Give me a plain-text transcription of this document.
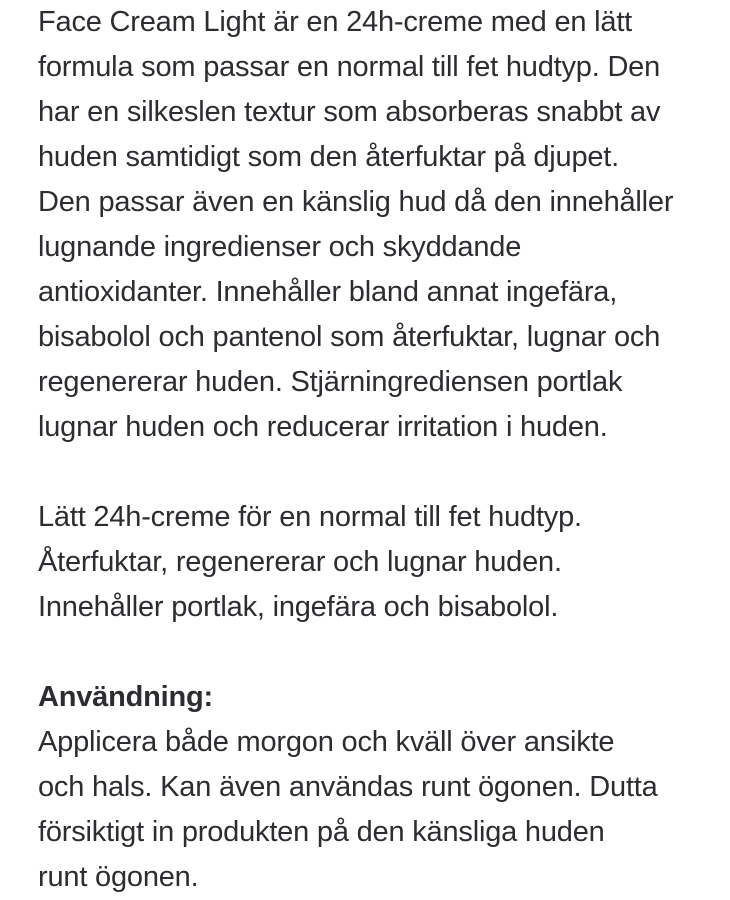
Face Cream Light är en 24h-creme med en lätt
formula som passar en normal till fet hudtyp. Den
har en silkeslen textur som absorberas snabbt av
huden samtidigt som den återfuktar på djupet.
Den passar även en känslig hud då den innehåller
lugnande ingredienser och skyddande
antioxidanter. Innehåller bland annat ingefära,
bisabolol och pantenol som återfuktar, lugnar och
regenererar huden. Stjärningrediensen portlak
lugnar huden och reducerar irritation i huden.
Lätt 24h-creme för en normal till fet hudtyp.
Återfuktar, regenererar och lugnar huden.
Innehåller portlak, ingefära och bisabolol.
Användning:
Applicera både morgon och kväll över ansikte
och hals. Kan även användas runt ögonen. Dutta
försiktigt in produkten på den känsliga huden
runt ögonen.
